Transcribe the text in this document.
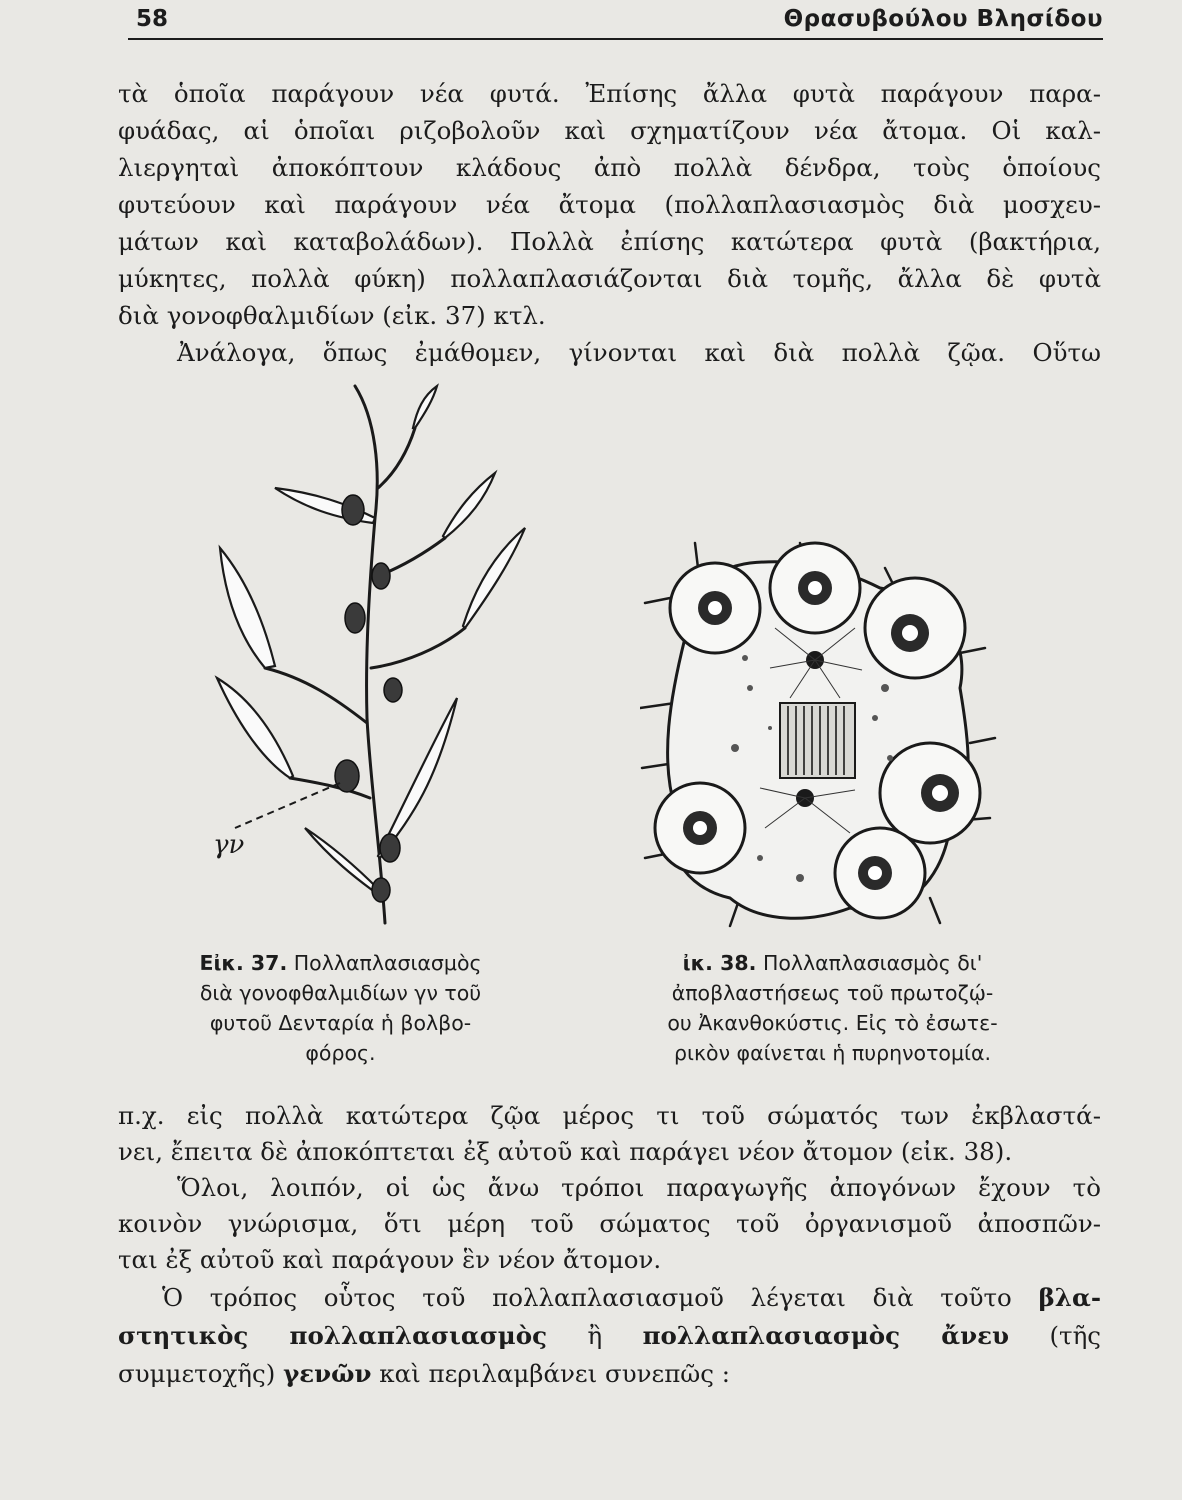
58	Θρασυβούλου Βλησίδου
τὰ ὁποῖα παράγουν νέα φυτά. Ἐπίσης ἄλλα φυτὰ παράγουν παρα-
φυάδας, αἱ ὁποῖαι ριζοβολοῦν καὶ σχηματίζουν νέα ἄτομα. Οἱ καλ-
λιεργηταὶ ἀποκόπτουν κλάδους ἀπὸ πολλὰ δένδρα, τοὺς ὁποίους
φυτεύουν καὶ παράγουν νέα ἄτομα (πολλαπλασιασμὸς διὰ μοσχευ-
μάτων καὶ καταβολάδων). Πολλὰ ἐπίσης κατώτερα φυτὰ (βακτήρια,
μύκητες, πολλὰ φύκη) πολλαπλασιάζονται διὰ τομῆς, ἄλλα δὲ φυτὰ
διὰ γονοφθαλμιδίων (εἰκ. 37) κτλ.
Ἀνάλογα, ὅπως ἐμάθομεν, γίνονται καὶ διὰ πολλὰ ζῷα. Οὕτω
γν
Εἰκ. 37. Πολλαπλασιασμὸς
διὰ γονοφθαλμιδίων γν τοῦ
φυτοῦ Δενταρία ἡ βολβο-
φόρος.
ἰκ. 38. Πολλαπλασιασμὸς δι'
ἀποβλαστήσεως τοῦ πρωτοζῴ-
ου Ἀκανθοκύστις. Εἰς τὸ ἐσωτε-
ρικὸν φαίνεται ἡ πυρηνοτομία.
π.χ. εἰς πολλὰ κατώτερα ζῷα μέρος τι τοῦ σώματός των ἐκβλαστά-
νει, ἔπειτα δὲ ἀποκόπτεται ἐξ αὐτοῦ καὶ παράγει νέον ἄτομον (εἰκ. 38).
Ὅλοι, λοιπόν, οἱ ὡς ἄνω τρόποι παραγωγῆς ἀπογόνων ἔχουν τὸ
κοινὸν γνώρισμα, ὅτι μέρη τοῦ σώματος τοῦ ὀργανισμοῦ ἀποσπῶν-
ται ἐξ αὐτοῦ καὶ παράγουν ἓν νέον ἄτομον.
Ὁ τρόπος οὗτος τοῦ πολλαπλασιασμοῦ λέγεται διὰ τοῦτο βλα-
στητικὸς πολλαπλασιασμὸς ἢ πολλαπλασιασμὸς ἄνευ (τῆς
συμμετοχῆς) γενῶν καὶ περιλαμβάνει συνεπῶς :
